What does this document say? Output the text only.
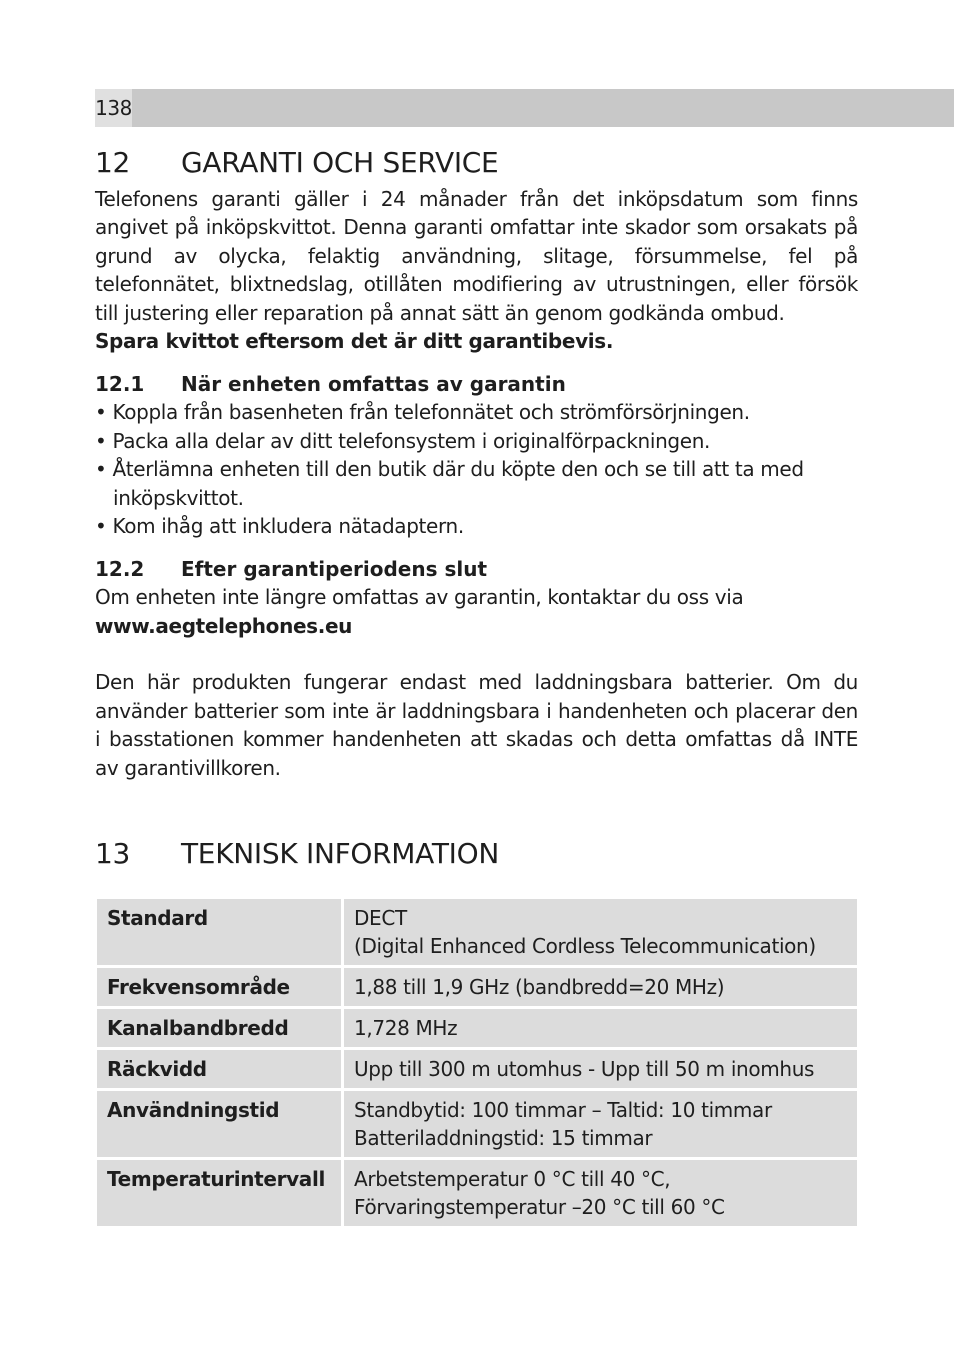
138
12	GARANTI OCH SERVICE

Telefonens garanti gäller i 24 månader från det inköpsdatum som finns angivet på inköpskvittot. Denna garanti omfattar inte skador som orsakats på grund av olycka, felaktig användning, slitage, försummelse, fel på telefonnätet, blixtnedslag, otillåten modifiering av utrustningen, eller försök till justering eller reparation på annat sätt än genom godkända ombud.

Spara kvittot eftersom det är ditt garantibevis.

12.1	När enheten omfattas av garantin
• Koppla från basenheten från telefonnätet och strömförsörjningen.
• Packa alla delar av ditt telefonsystem i originalförpackningen.
• Återlämna enheten till den butik där du köpte den och se till att ta med inköpskvittot.
• Kom ihåg att inkludera nätadaptern.
12.2	Efter garantiperiodens slut

Om enheten inte längre omfattas av garantin, kontaktar du oss via

www.aegtelephones.eu

Den här produkten fungerar endast med laddningsbara batterier. Om du använder batterier som inte är laddningsbara i handenheten och placerar den i basstationen kommer handenheten att skadas och detta omfattas då INTE av garantivillkoren.

13	TEKNISK INFORMATION
Standard	DECT
(Digital Enhanced Cordless Telecommunication)
Frekvensområde	1,88 till 1,9 GHz (bandbredd=20 MHz)
Kanalbandbredd	1,728 MHz
Räckvidd	Upp till 300 m utomhus - Upp till 50 m inomhus
Användningstid	Standbytid: 100 timmar – Taltid: 10 timmar
Batteriladdningstid: 15 timmar
Temperaturintervall	Arbetstemperatur 0 °C till 40 °C,
Förvaringstemperatur –20 °C till 60 °C
